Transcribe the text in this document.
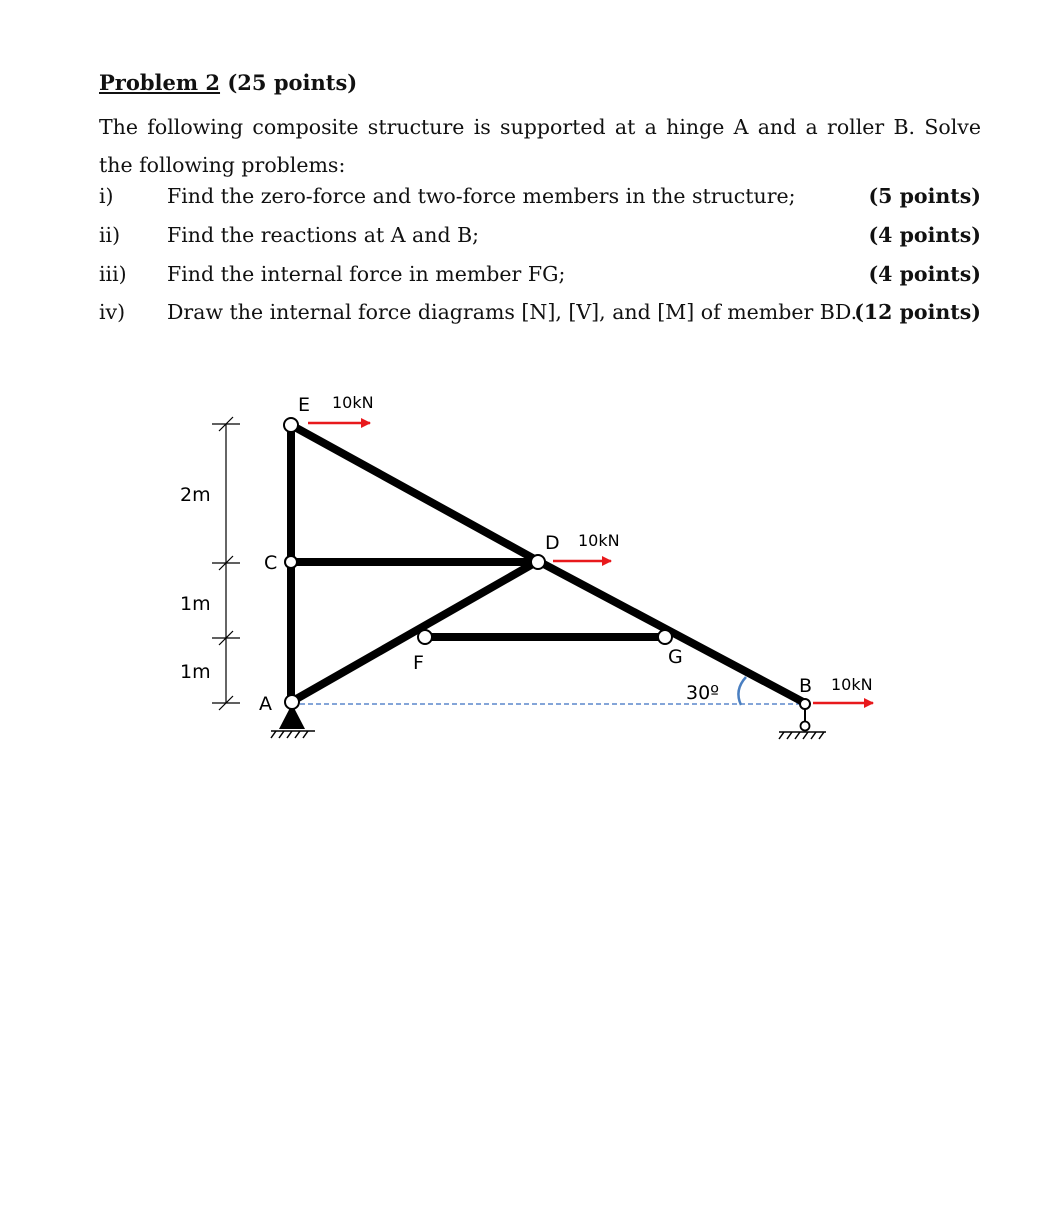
Problem 2 (25 points)
The following composite structure is supported at a hinge A and a roller B. Solve the following problems:
i)	Find the zero-force and two-force members in the structure;	(5 points)
ii) Find the reactions at A and B;	(4 points)
iii) Find the internal force in member FG;	(4 points)
iv) Draw the internal force diagrams [N], [V], and [M] of member BD.
(12 points)
2m
1m
1m
30º
10kN
10kN
10kN
E
C
D
F	G
A
B
